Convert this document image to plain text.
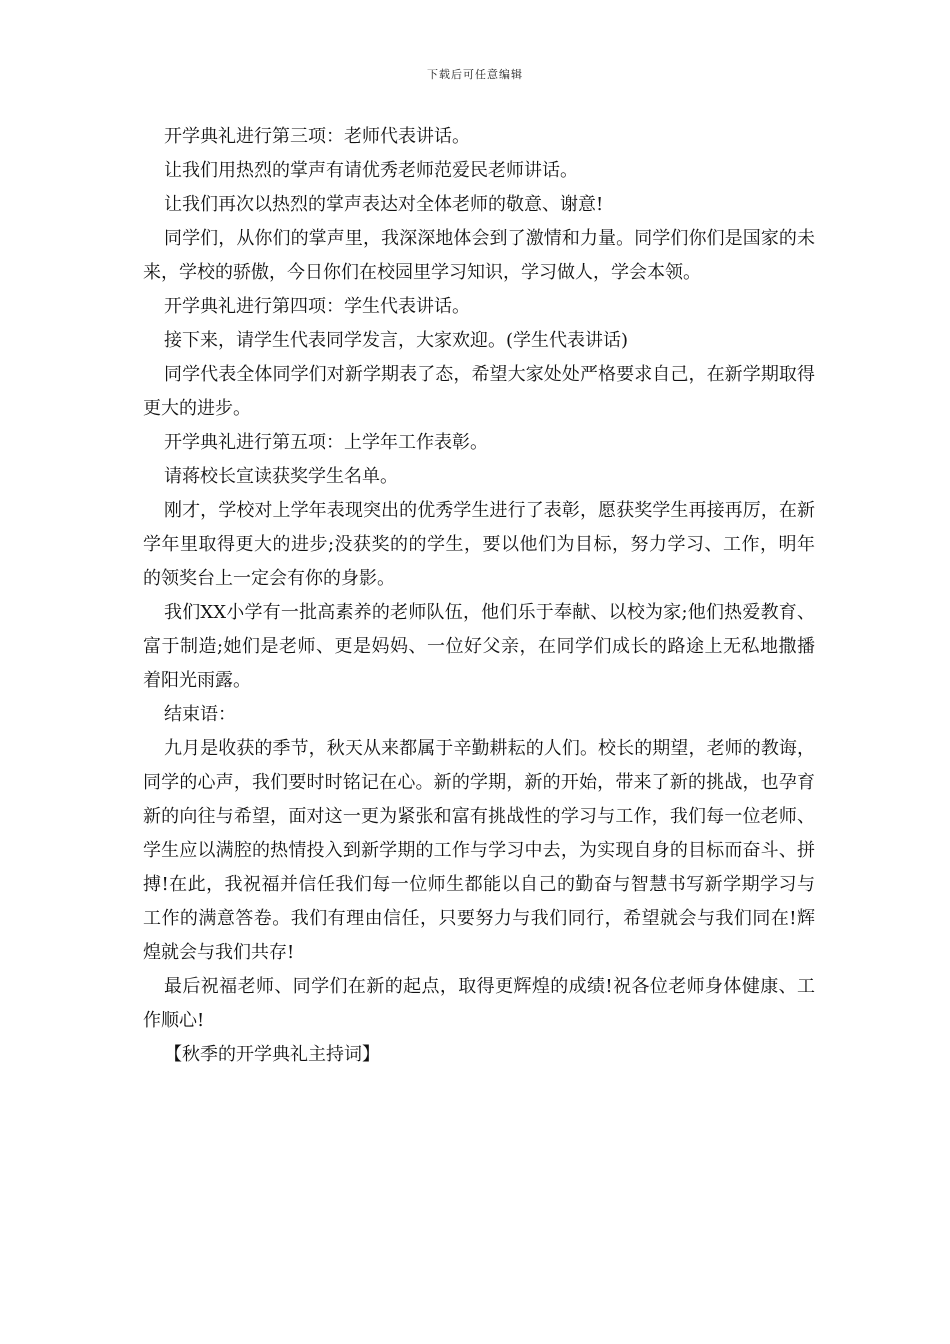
下载后可任意编辑

开学典礼进行第三项：老师代表讲话。

让我们用热烈的掌声有请优秀老师范爱民老师讲话。

让我们再次以热烈的掌声表达对全体老师的敬意、谢意!

同学们，从你们的掌声里，我深深地体会到了激情和力量。同学们你们是国家的未来，学校的骄傲，今日你们在校园里学习知识，学习做人，学会本领。

开学典礼进行第四项：学生代表讲话。

接下来，请学生代表同学发言，大家欢迎。(学生代表讲话)

同学代表全体同学们对新学期表了态，希望大家处处严格要求自己，在新学期取得更大的进步。

开学典礼进行第五项：上学年工作表彰。

请蒋校长宣读获奖学生名单。

刚才，学校对上学年表现突出的优秀学生进行了表彰，愿获奖学生再接再厉，在新学年里取得更大的进步;没获奖的的学生，要以他们为目标，努力学习、工作，明年的领奖台上一定会有你的身影。

我们XX小学有一批高素养的老师队伍，他们乐于奉献、以校为家;他们热爱教育、富于制造;她们是老师、更是妈妈、一位好父亲，在同学们成长的路途上无私地撒播着阳光雨露。

结束语：

九月是收获的季节，秋天从来都属于辛勤耕耘的人们。校长的期望，老师的教诲，同学的心声，我们要时时铭记在心。新的学期，新的开始，带来了新的挑战，也孕育新的向往与希望，面对这一更为紧张和富有挑战性的学习与工作，我们每一位老师、学生应以满腔的热情投入到新学期的工作与学习中去，为实现自身的目标而奋斗、拼搏!在此，我祝福并信任我们每一位师生都能以自己的勤奋与智慧书写新学期学习与工作的满意答卷。我们有理由信任，只要努力与我们同行，希望就会与我们同在!辉煌就会与我们共存!

最后祝福老师、同学们在新的起点，取得更辉煌的成绩!祝各位老师身体健康、工作顺心!

【秋季的开学典礼主持词】
